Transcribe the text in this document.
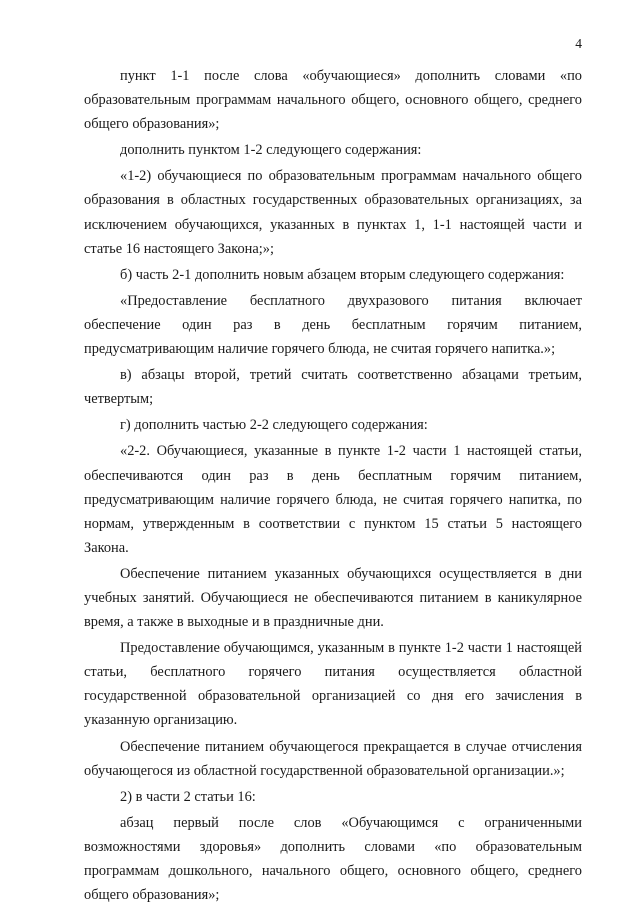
4

пункт 1-1 после слова «обучающиеся» дополнить словами «по образовательным программам начального общего, основного общего, среднего общего образования»;

дополнить пунктом 1-2 следующего содержания:

«1-2) обучающиеся по образовательным программам начального общего образования в областных государственных образовательных организациях, за исключением обучающихся, указанных в пунктах 1, 1-1 настоящей части и статье 16 настоящего Закона;»;

б) часть 2-1 дополнить новым абзацем вторым следующего содержания:

«Предоставление бесплатного двухразового питания включает обеспечение один раз в день бесплатным горячим питанием, предусматривающим наличие горячего блюда, не считая горячего напитка.»;

в) абзацы второй, третий считать соответственно абзацами третьим, четвертым;

г) дополнить частью 2-2 следующего содержания:

«2-2. Обучающиеся, указанные в пункте 1-2 части 1 настоящей статьи, обеспечиваются один раз в день бесплатным горячим питанием, предусматривающим наличие горячего блюда, не считая горячего напитка, по нормам, утвержденным в соответствии с пунктом 15 статьи 5 настоящего Закона.

Обеспечение питанием указанных обучающихся осуществляется в дни учебных занятий. Обучающиеся не обеспечиваются питанием в каникулярное время, а также в выходные и в праздничные дни.

Предоставление обучающимся, указанным в пункте 1-2 части 1 настоящей статьи, бесплатного горячего питания осуществляется областной государственной образовательной организацией со дня его зачисления в указанную организацию.

Обеспечение питанием обучающегося прекращается в случае отчисления обучающегося из областной государственной образовательной организации.»;

2) в части 2 статьи 16:

абзац первый после слов «Обучающимся с ограниченными возможностями здоровья» дополнить словами «по образовательным программам дошкольного, начального общего, основного общего, среднего общего образования»;
